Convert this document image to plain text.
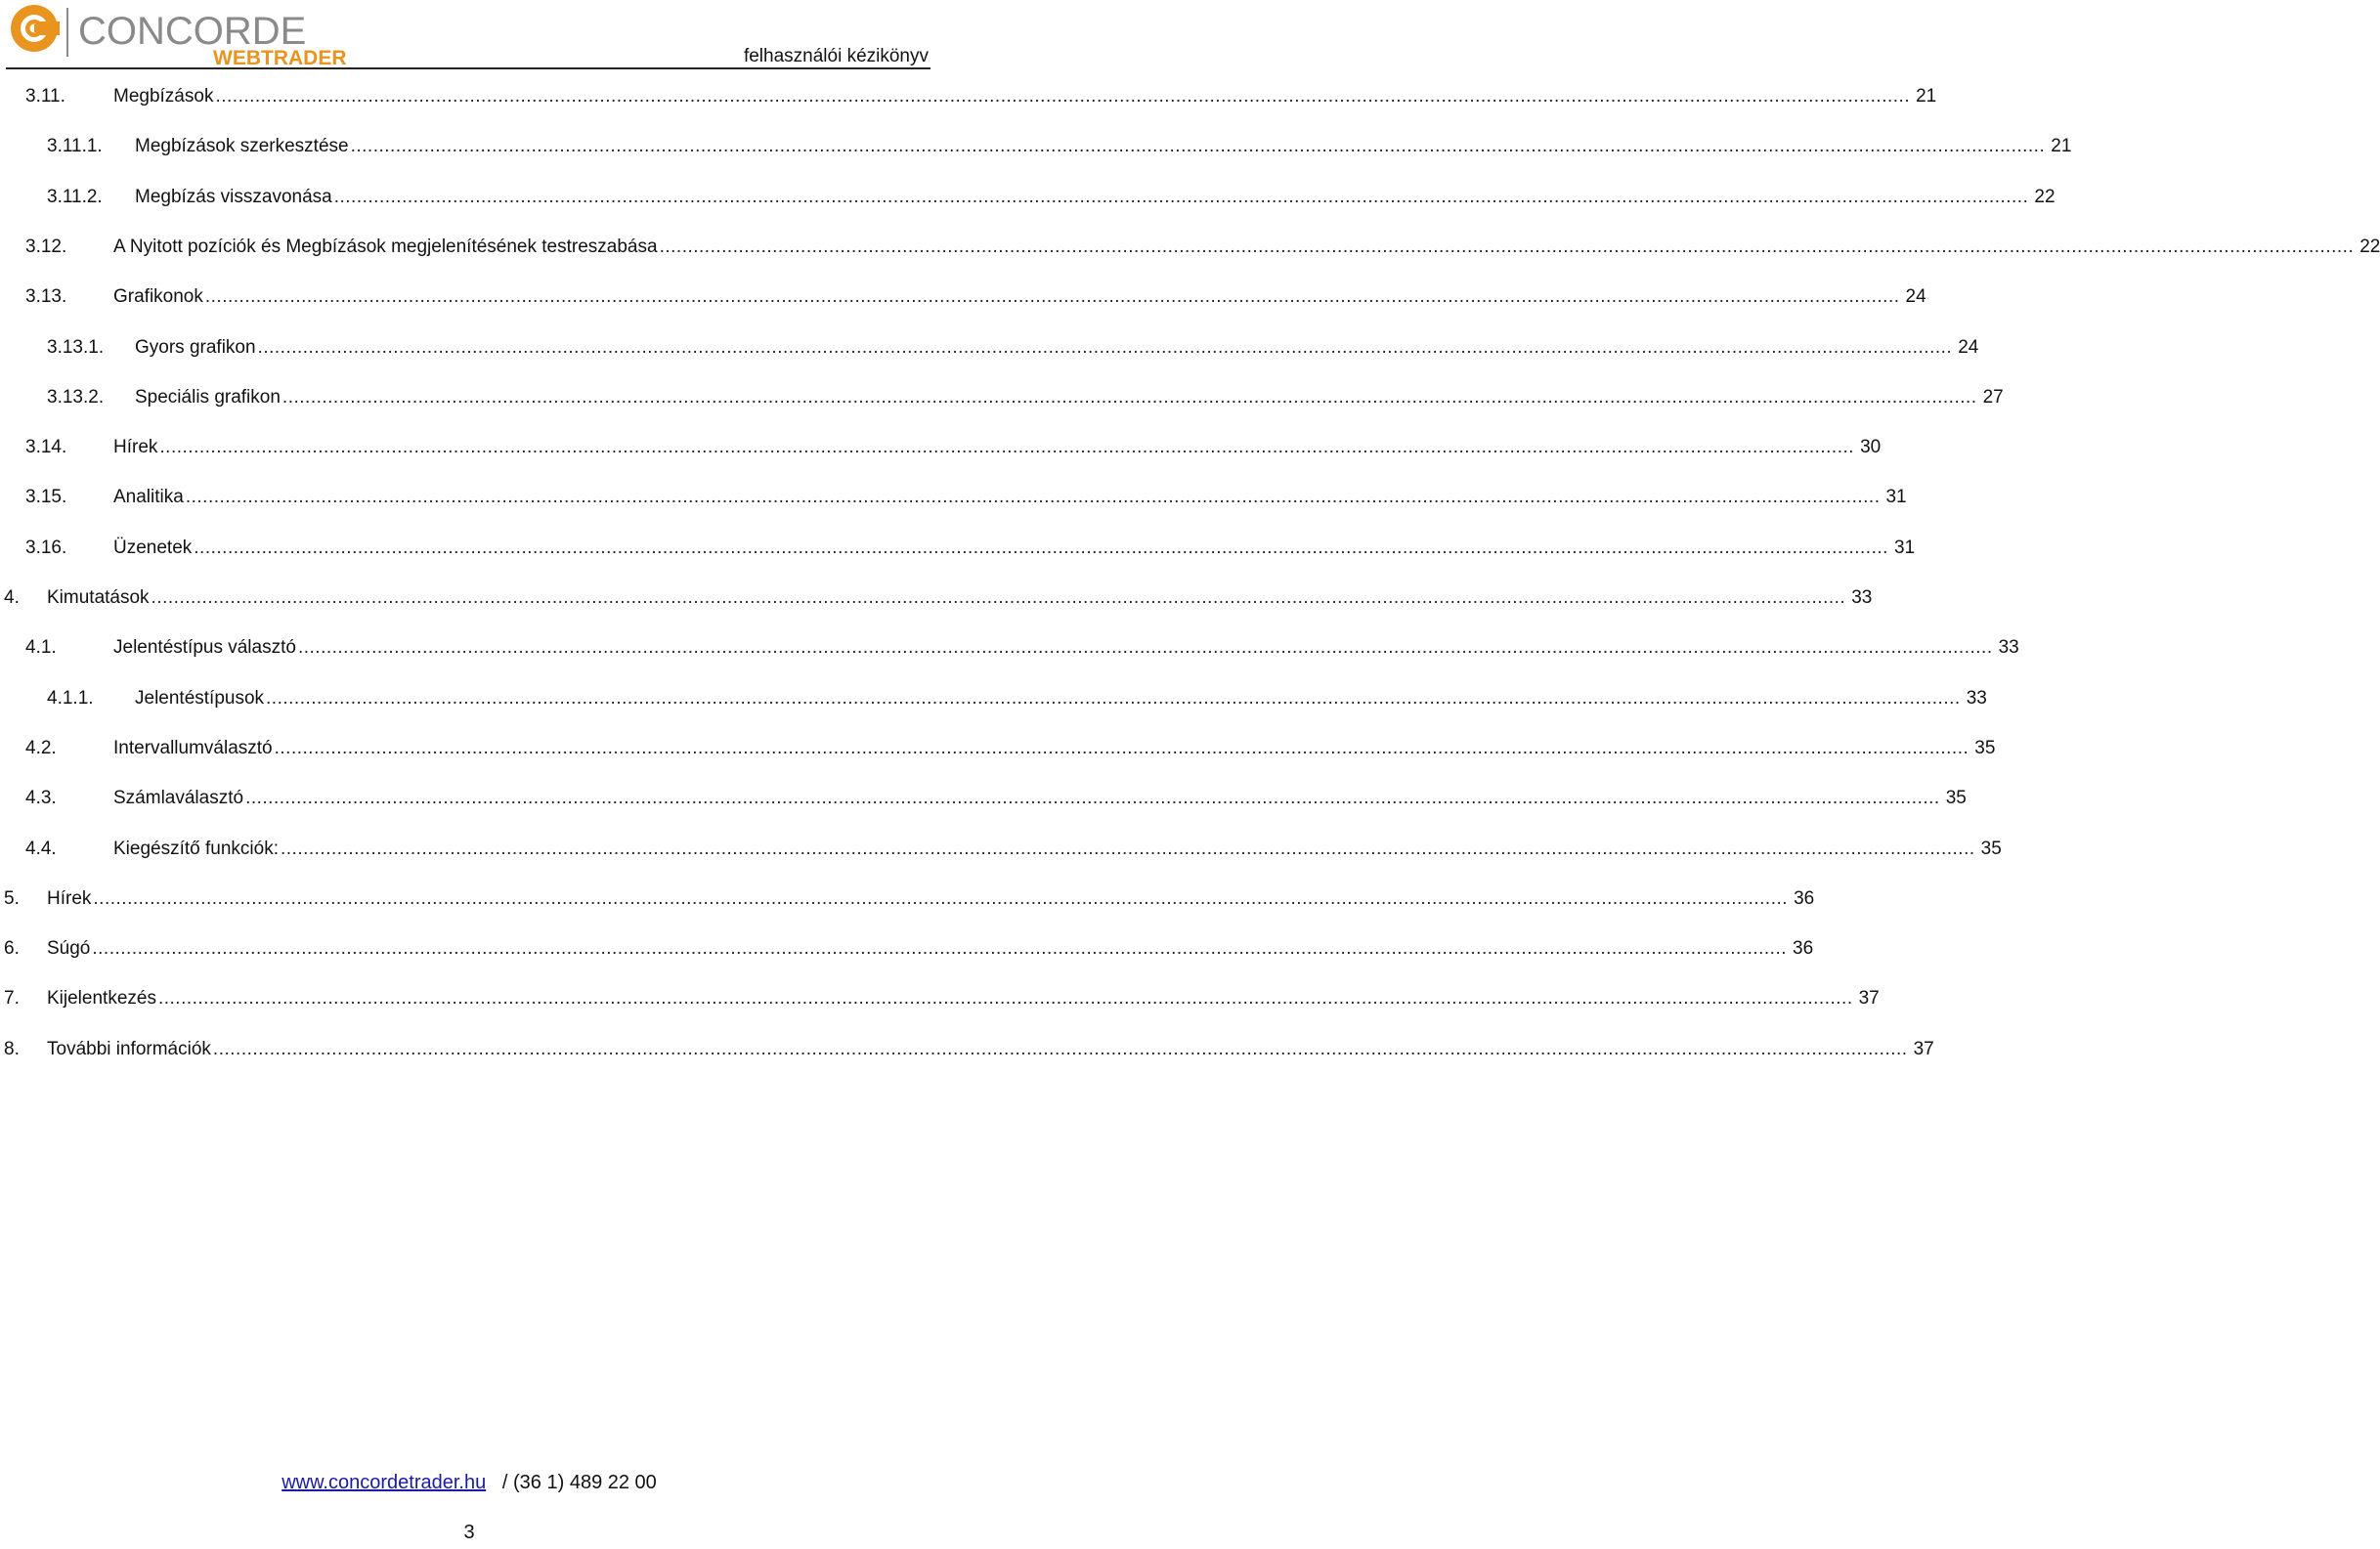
CONCORDE
WEBTRADER	felhasználói kézikönyv
3.11.	Megbízások ............................................................................................................................................................................................................................................................................................................ 21
3.11.1. Megbízások szerkesztése ............................................................................................................................................................................................................................................................................................................ 21
3.11.2. Megbízás visszavonása ............................................................................................................................................................................................................................................................................................................ 22
3.12.	A Nyitott pozíciók és Megbízások megjelenítésének testreszabása ............................................................................................................................................................................................................................................................................................................ 22
3.13.	Grafikonok ............................................................................................................................................................................................................................................................................................................ 24
3.13.1. Gyors grafikon ............................................................................................................................................................................................................................................................................................................ 24
3.13.2. Speciális grafikon ............................................................................................................................................................................................................................................................................................................ 27
3.14.	Hírek ............................................................................................................................................................................................................................................................................................................ 30
3.15.	Analitika ............................................................................................................................................................................................................................................................................................................ 31
3.16.	Üzenetek ............................................................................................................................................................................................................................................................................................................ 31
4. Kimutatások ............................................................................................................................................................................................................................................................................................................ 33
4.1.	Jelentéstípus választó ............................................................................................................................................................................................................................................................................................................ 33
4.1.1. Jelentéstípusok ............................................................................................................................................................................................................................................................................................................ 33
4.2.	Intervallumválasztó ............................................................................................................................................................................................................................................................................................................ 35
4.3.	Számlaválasztó ............................................................................................................................................................................................................................................................................................................ 35
4.4.	Kiegészítő funkciók: ............................................................................................................................................................................................................................................................................................................ 35
5. Hírek ............................................................................................................................................................................................................................................................................................................ 36
6. Súgó ............................................................................................................................................................................................................................................................................................................ 36
7. Kijelentkezés ............................................................................................................................................................................................................................................................................................................ 37
8. További információk ............................................................................................................................................................................................................................................................................................................ 37
www.concordetrader.hu / (36 1) 489 22 00
3
